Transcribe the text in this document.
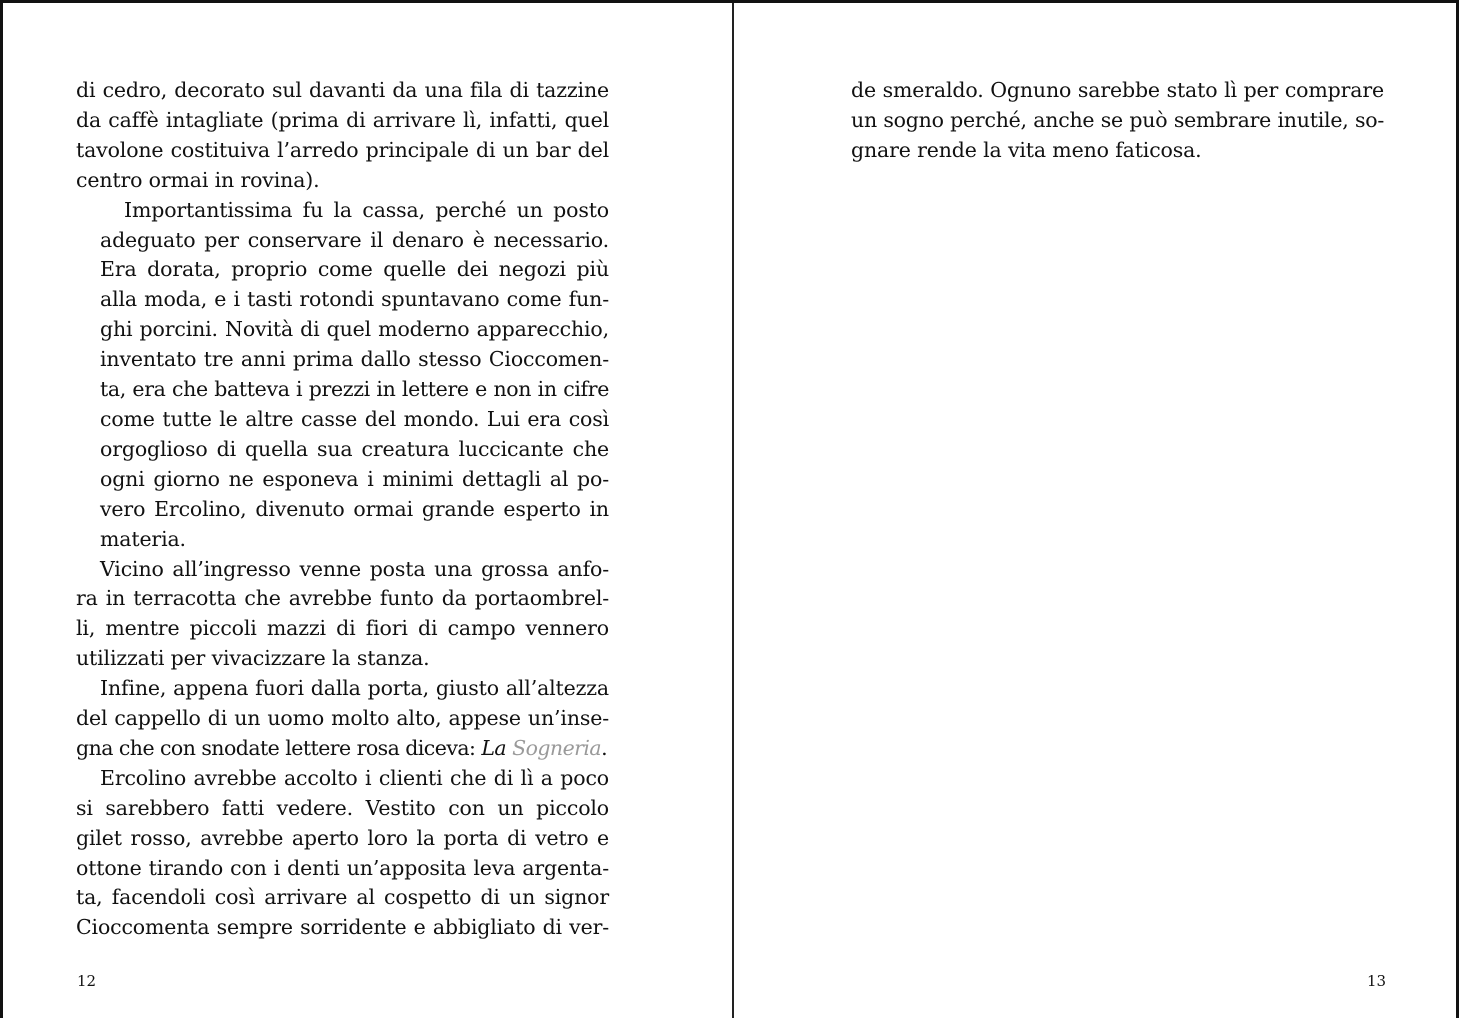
di cedro, decorato sul davanti da una fila di tazzine
da caffè intagliate (prima di arrivare lì, infatti, quel
tavolone costituiva l’arredo principale di un bar del
centro ormai in rovina).

Importantissima fu la cassa, perché un posto
adeguato per conservare il denaro è necessario.
Era dorata, proprio come quelle dei negozi più
alla moda, e i tasti rotondi spuntavano come fun-
ghi porcini. Novità di quel moderno apparecchio,
inventato tre anni prima dallo stesso Cioccomen-
ta, era che batteva i prezzi in lettere e non in cifre
come tutte le altre casse del mondo. Lui era così
orgoglioso di quella sua creatura luccicante che
ogni giorno ne esponeva i minimi dettagli al po-
vero Ercolino, divenuto ormai grande esperto in
materia.

Vicino all’ingresso venne posta una grossa anfo-
ra in terracotta che avrebbe funto da portaombrel-
li, mentre piccoli mazzi di fiori di campo vennero
utilizzati per vivacizzare la stanza.

Infine, appena fuori dalla porta, giusto all’altezza
del cappello di un uomo molto alto, appese un’inse-
gna che con snodate lettere rosa diceva: La Sogneria.

Ercolino avrebbe accolto i clienti che di lì a poco
si sarebbero fatti vedere. Vestito con un piccolo
gilet rosso, avrebbe aperto loro la porta di vetro e
ottone tirando con i denti un’apposita leva argenta-
ta, facendoli così arrivare al cospetto di un signor
Cioccomenta sempre sorridente e abbigliato di ver-

12

de smeraldo. Ognuno sarebbe stato lì per comprare
un sogno perché, anche se può sembrare inutile, so-
gnare rende la vita meno faticosa.

13
